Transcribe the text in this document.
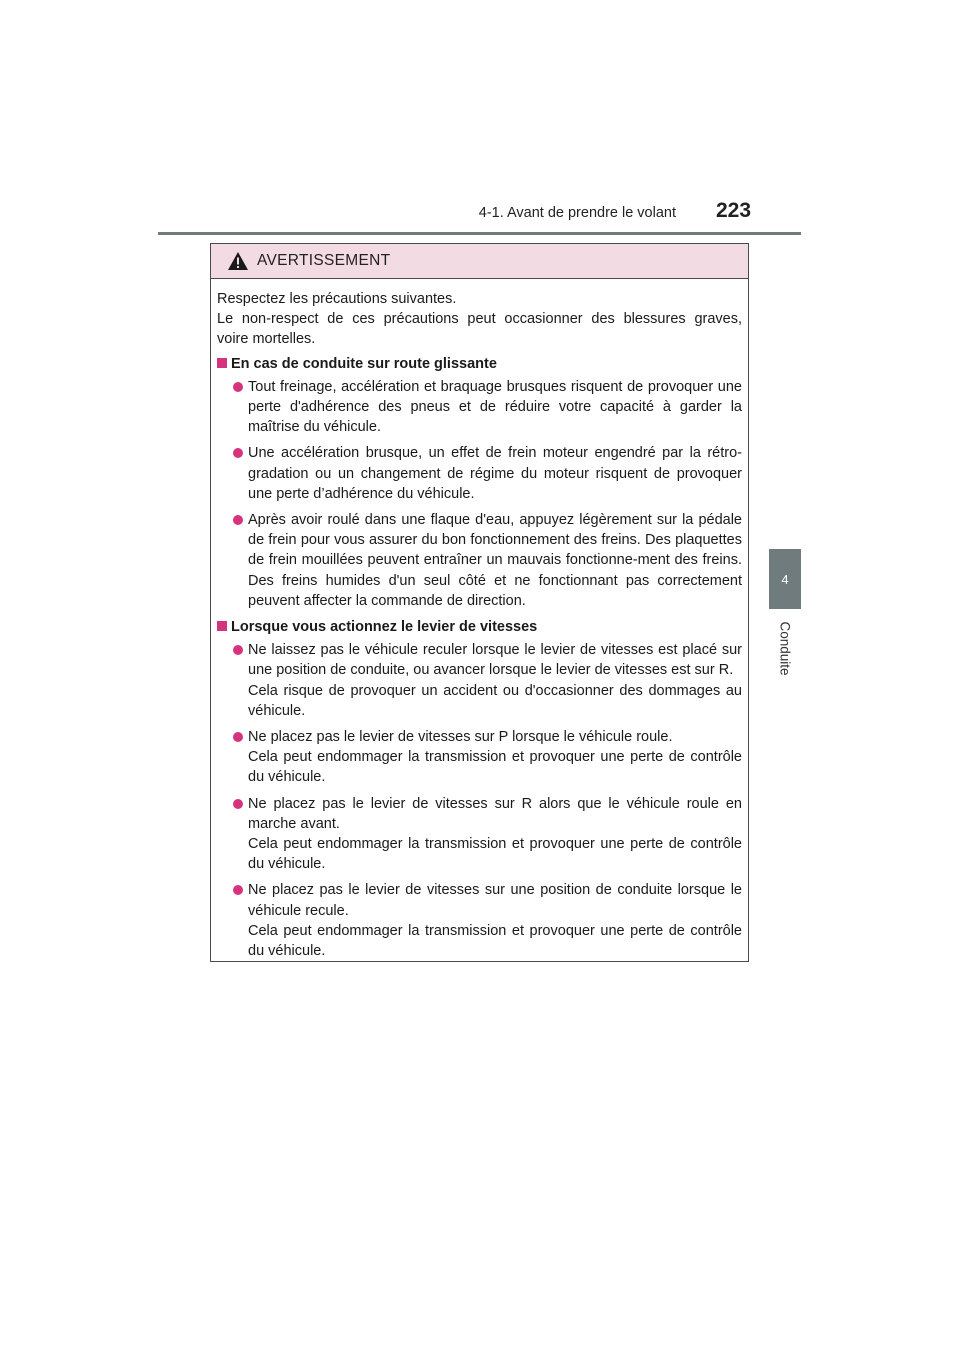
4-1. Avant de prendre le volant 223
4
Conduite
AVERTISSEMENT

Respectez les précautions suivantes.

Le non-respect de ces précautions peut occasionner des blessures graves,

voire mortelles.

En cas de conduite sur route glissante

Tout freinage, accélération et braquage brusques risquent de provoquer une perte d'adhérence des pneus et de réduire votre capacité à garder la maîtrise du véhicule.

Une accélération brusque, un effet de frein moteur engendré par la rétro-gradation ou un changement de régime du moteur risquent de provoquer une perte d’adhérence du véhicule.

Après avoir roulé dans une flaque d'eau, appuyez légèrement sur la pédale de frein pour vous assurer du bon fonctionnement des freins. Des plaquettes de frein mouillées peuvent entraîner un mauvais fonctionne-ment des freins. Des freins humides d'un seul côté et ne fonctionnant pas correctement peuvent affecter la commande de direction.

Lorsque vous actionnez le levier de vitesses

Ne laissez pas le véhicule reculer lorsque le levier de vitesses est placé sur une position de conduite, ou avancer lorsque le levier de vitesses est sur R.

Cela risque de provoquer un accident ou d'occasionner des dommages au véhicule.

Ne placez pas le levier de vitesses sur P lorsque le véhicule roule.

Cela peut endommager la transmission et provoquer une perte de contrôle du véhicule.

Ne placez pas le levier de vitesses sur R alors que le véhicule roule en marche avant.

Cela peut endommager la transmission et provoquer une perte de contrôle du véhicule.

Ne placez pas le levier de vitesses sur une position de conduite lorsque le véhicule recule.

Cela peut endommager la transmission et provoquer une perte de contrôle du véhicule.
